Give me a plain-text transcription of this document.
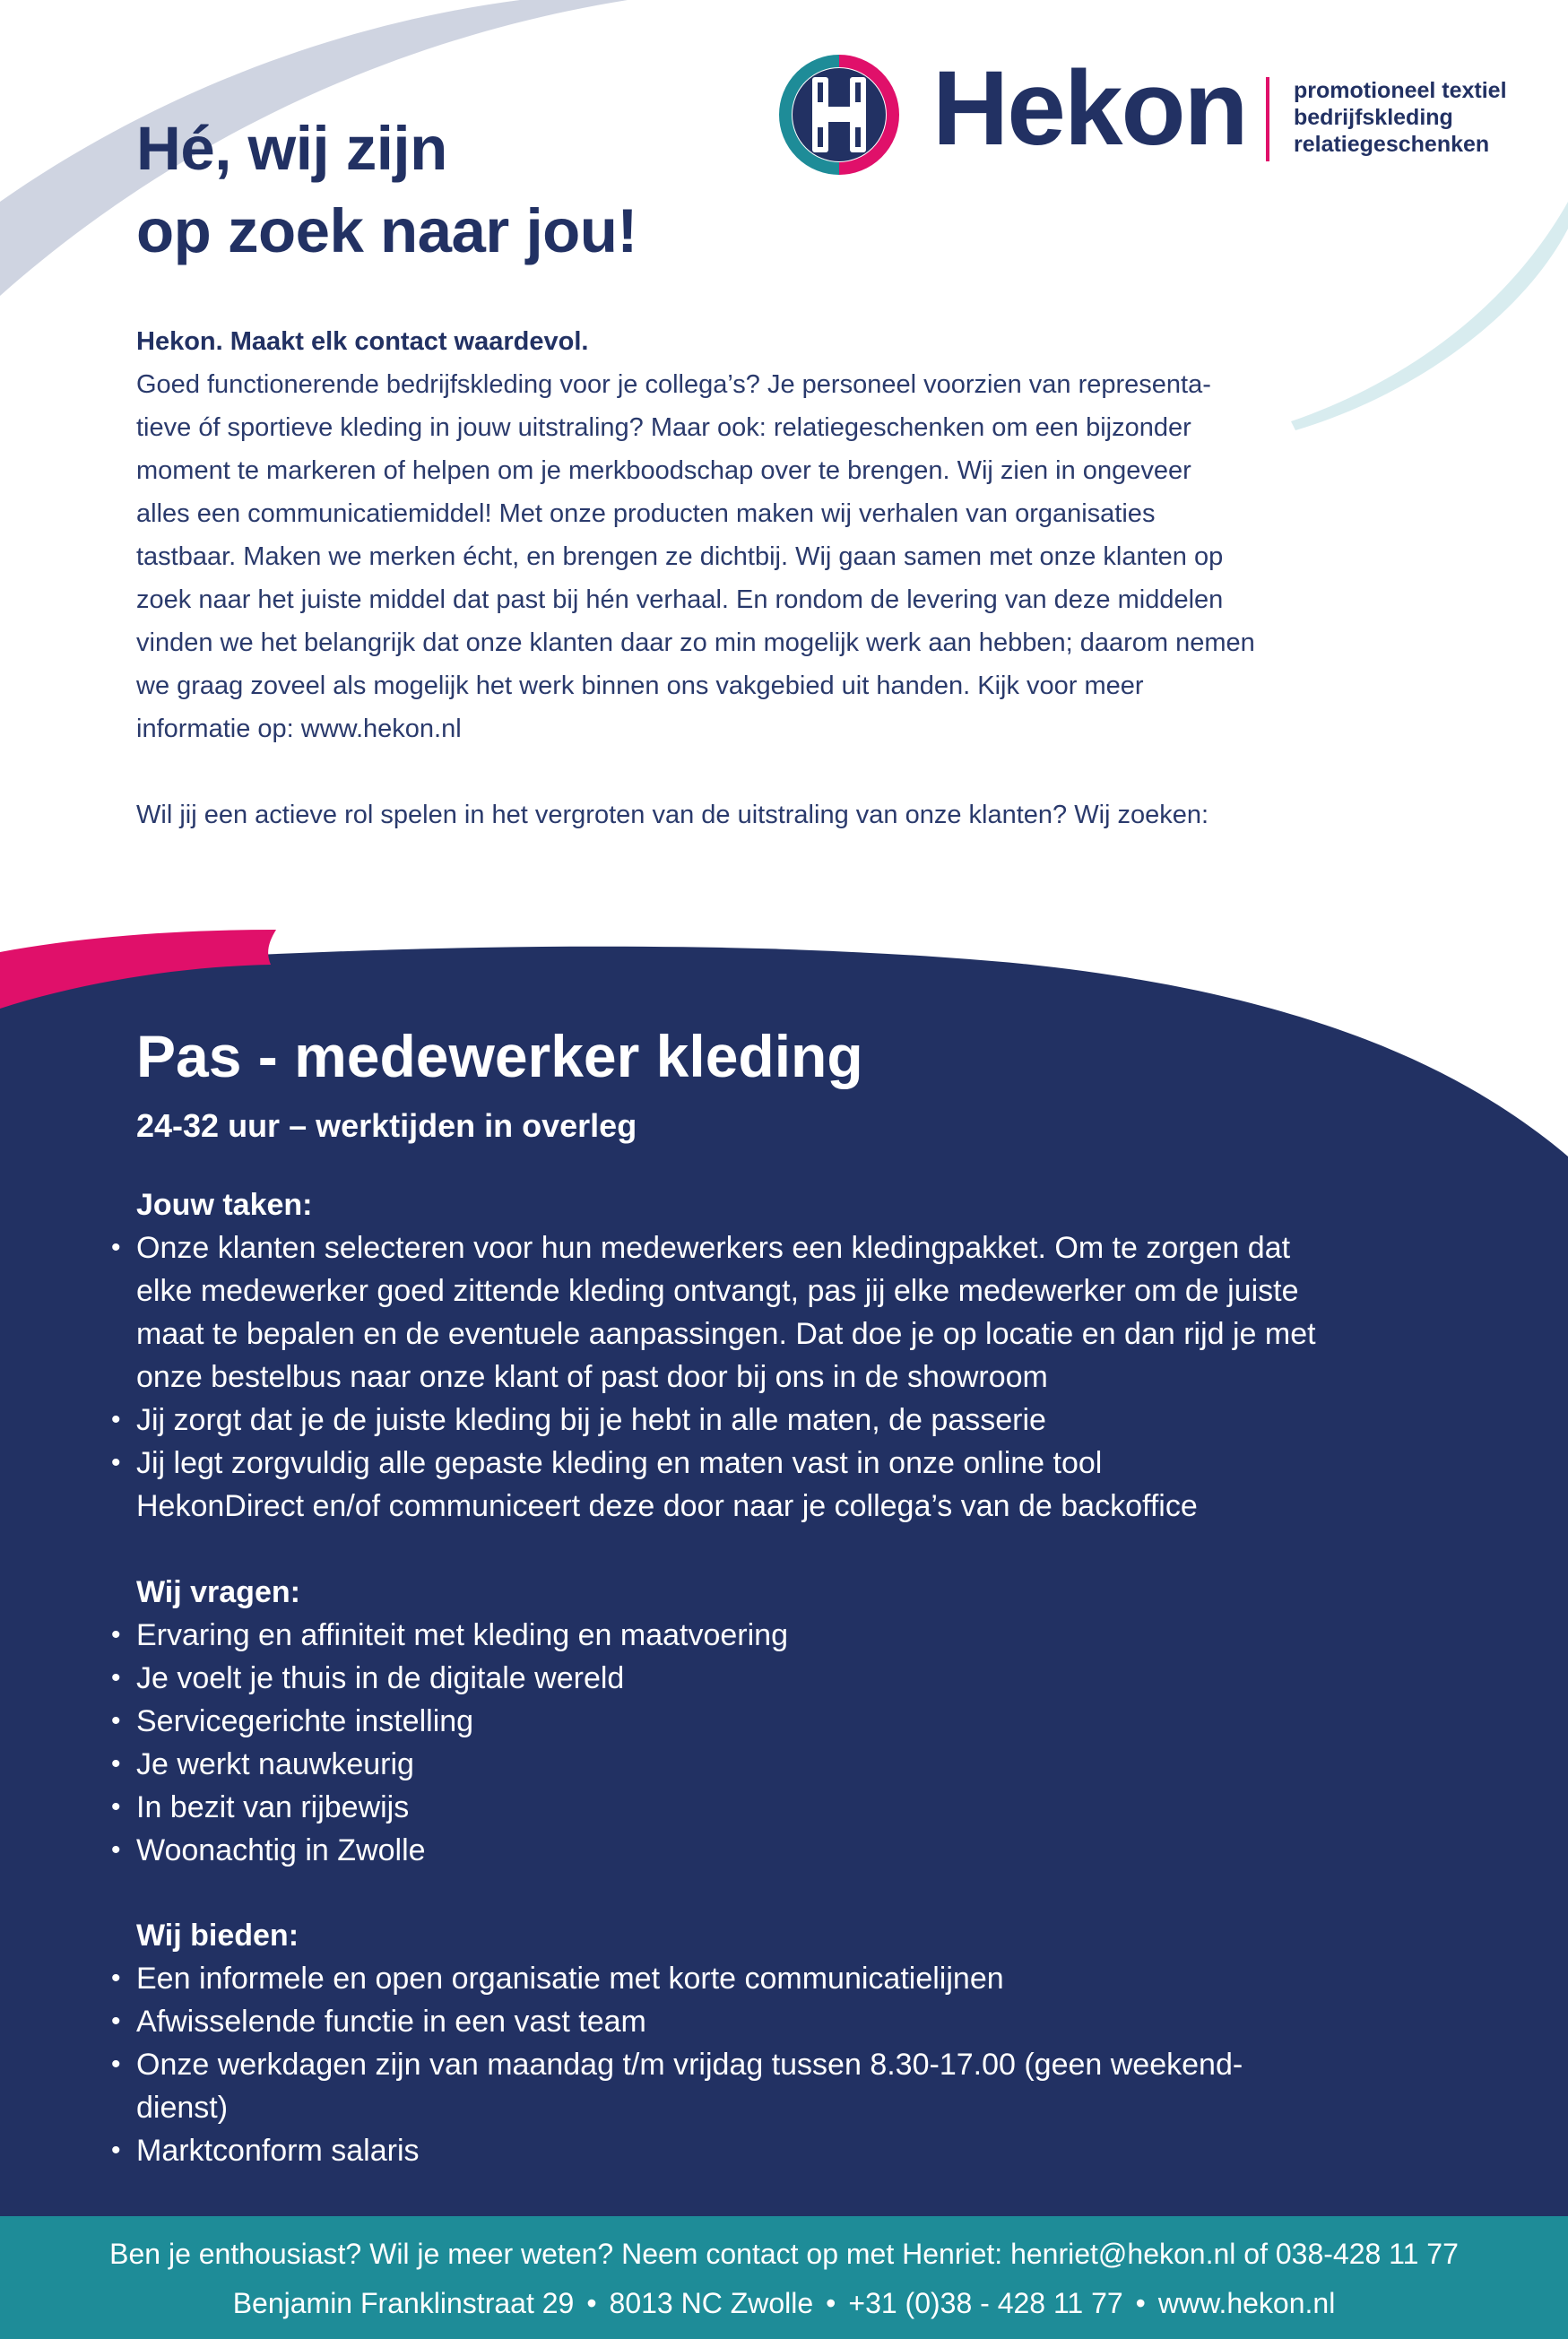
Hekon promotioneel textiel
bedrijfskleding
relatiegeschenken
Hé, wij zijn
op zoek naar jou!
Hekon. Maakt elk contact waardevol.
Goed functionerende bedrijfskleding voor je collega’s? Je personeel voorzien van representa-
tieve óf sportieve kleding in jouw uitstraling? Maar ook: relatiegeschenken om een bijzonder
moment te markeren of helpen om je merkboodschap over te brengen. Wij zien in ongeveer
alles een communicatiemiddel! Met onze producten maken wij verhalen van organisaties
tastbaar. Maken we merken écht, en brengen ze dichtbij. Wij gaan samen met onze klanten op
zoek naar het juiste middel dat past bij hén verhaal. En rondom de levering van deze middelen
vinden we het belangrijk dat onze klanten daar zo min mogelijk werk aan hebben; daarom nemen
we graag zoveel als mogelijk het werk binnen ons vakgebied uit handen. Kijk voor meer
informatie op: www.hekon.nl
Wil jij een actieve rol spelen in het vergroten van de uitstraling van onze klanten? Wij zoeken:
Pas - medewerker kleding
24-32 uur – werktijden in overleg
Jouw taken:
• Onze klanten selecteren voor hun medewerkers een kledingpakket. Om te zorgen dat
elke medewerker goed zittende kleding ontvangt, pas jij elke medewerker om de juiste
maat te bepalen en de eventuele aanpassingen. Dat doe je op locatie en dan rijd je met
onze bestelbus naar onze klant of past door bij ons in de showroom
• Jij zorgt dat je de juiste kleding bij je hebt in alle maten, de passerie
• Jij legt zorgvuldig alle gepaste kleding en maten vast in onze online tool
HekonDirect en/of communiceert deze door naar je collega’s van de backoffice
Wij vragen:
• Ervaring en affiniteit met kleding en maatvoering
• Je voelt je thuis in de digitale wereld
• Servicegerichte instelling
• Je werkt nauwkeurig
• In bezit van rijbewijs
• Woonachtig in Zwolle
Wij bieden:
• Een informele en open organisatie met korte communicatielijnen
• Afwisselende functie in een vast team
• Onze werkdagen zijn van maandag t/m vrijdag tussen 8.30-17.00 (geen weekend-
dienst)
• Marktconform salaris
Ben je enthousiast? Wil je meer weten? Neem contact op met Henriet: henriet@hekon.nl of 038-428 11 77
Benjamin Franklinstraat 29 • 8013 NC Zwolle • +31 (0)38 - 428 11 77 • www.hekon.nl
